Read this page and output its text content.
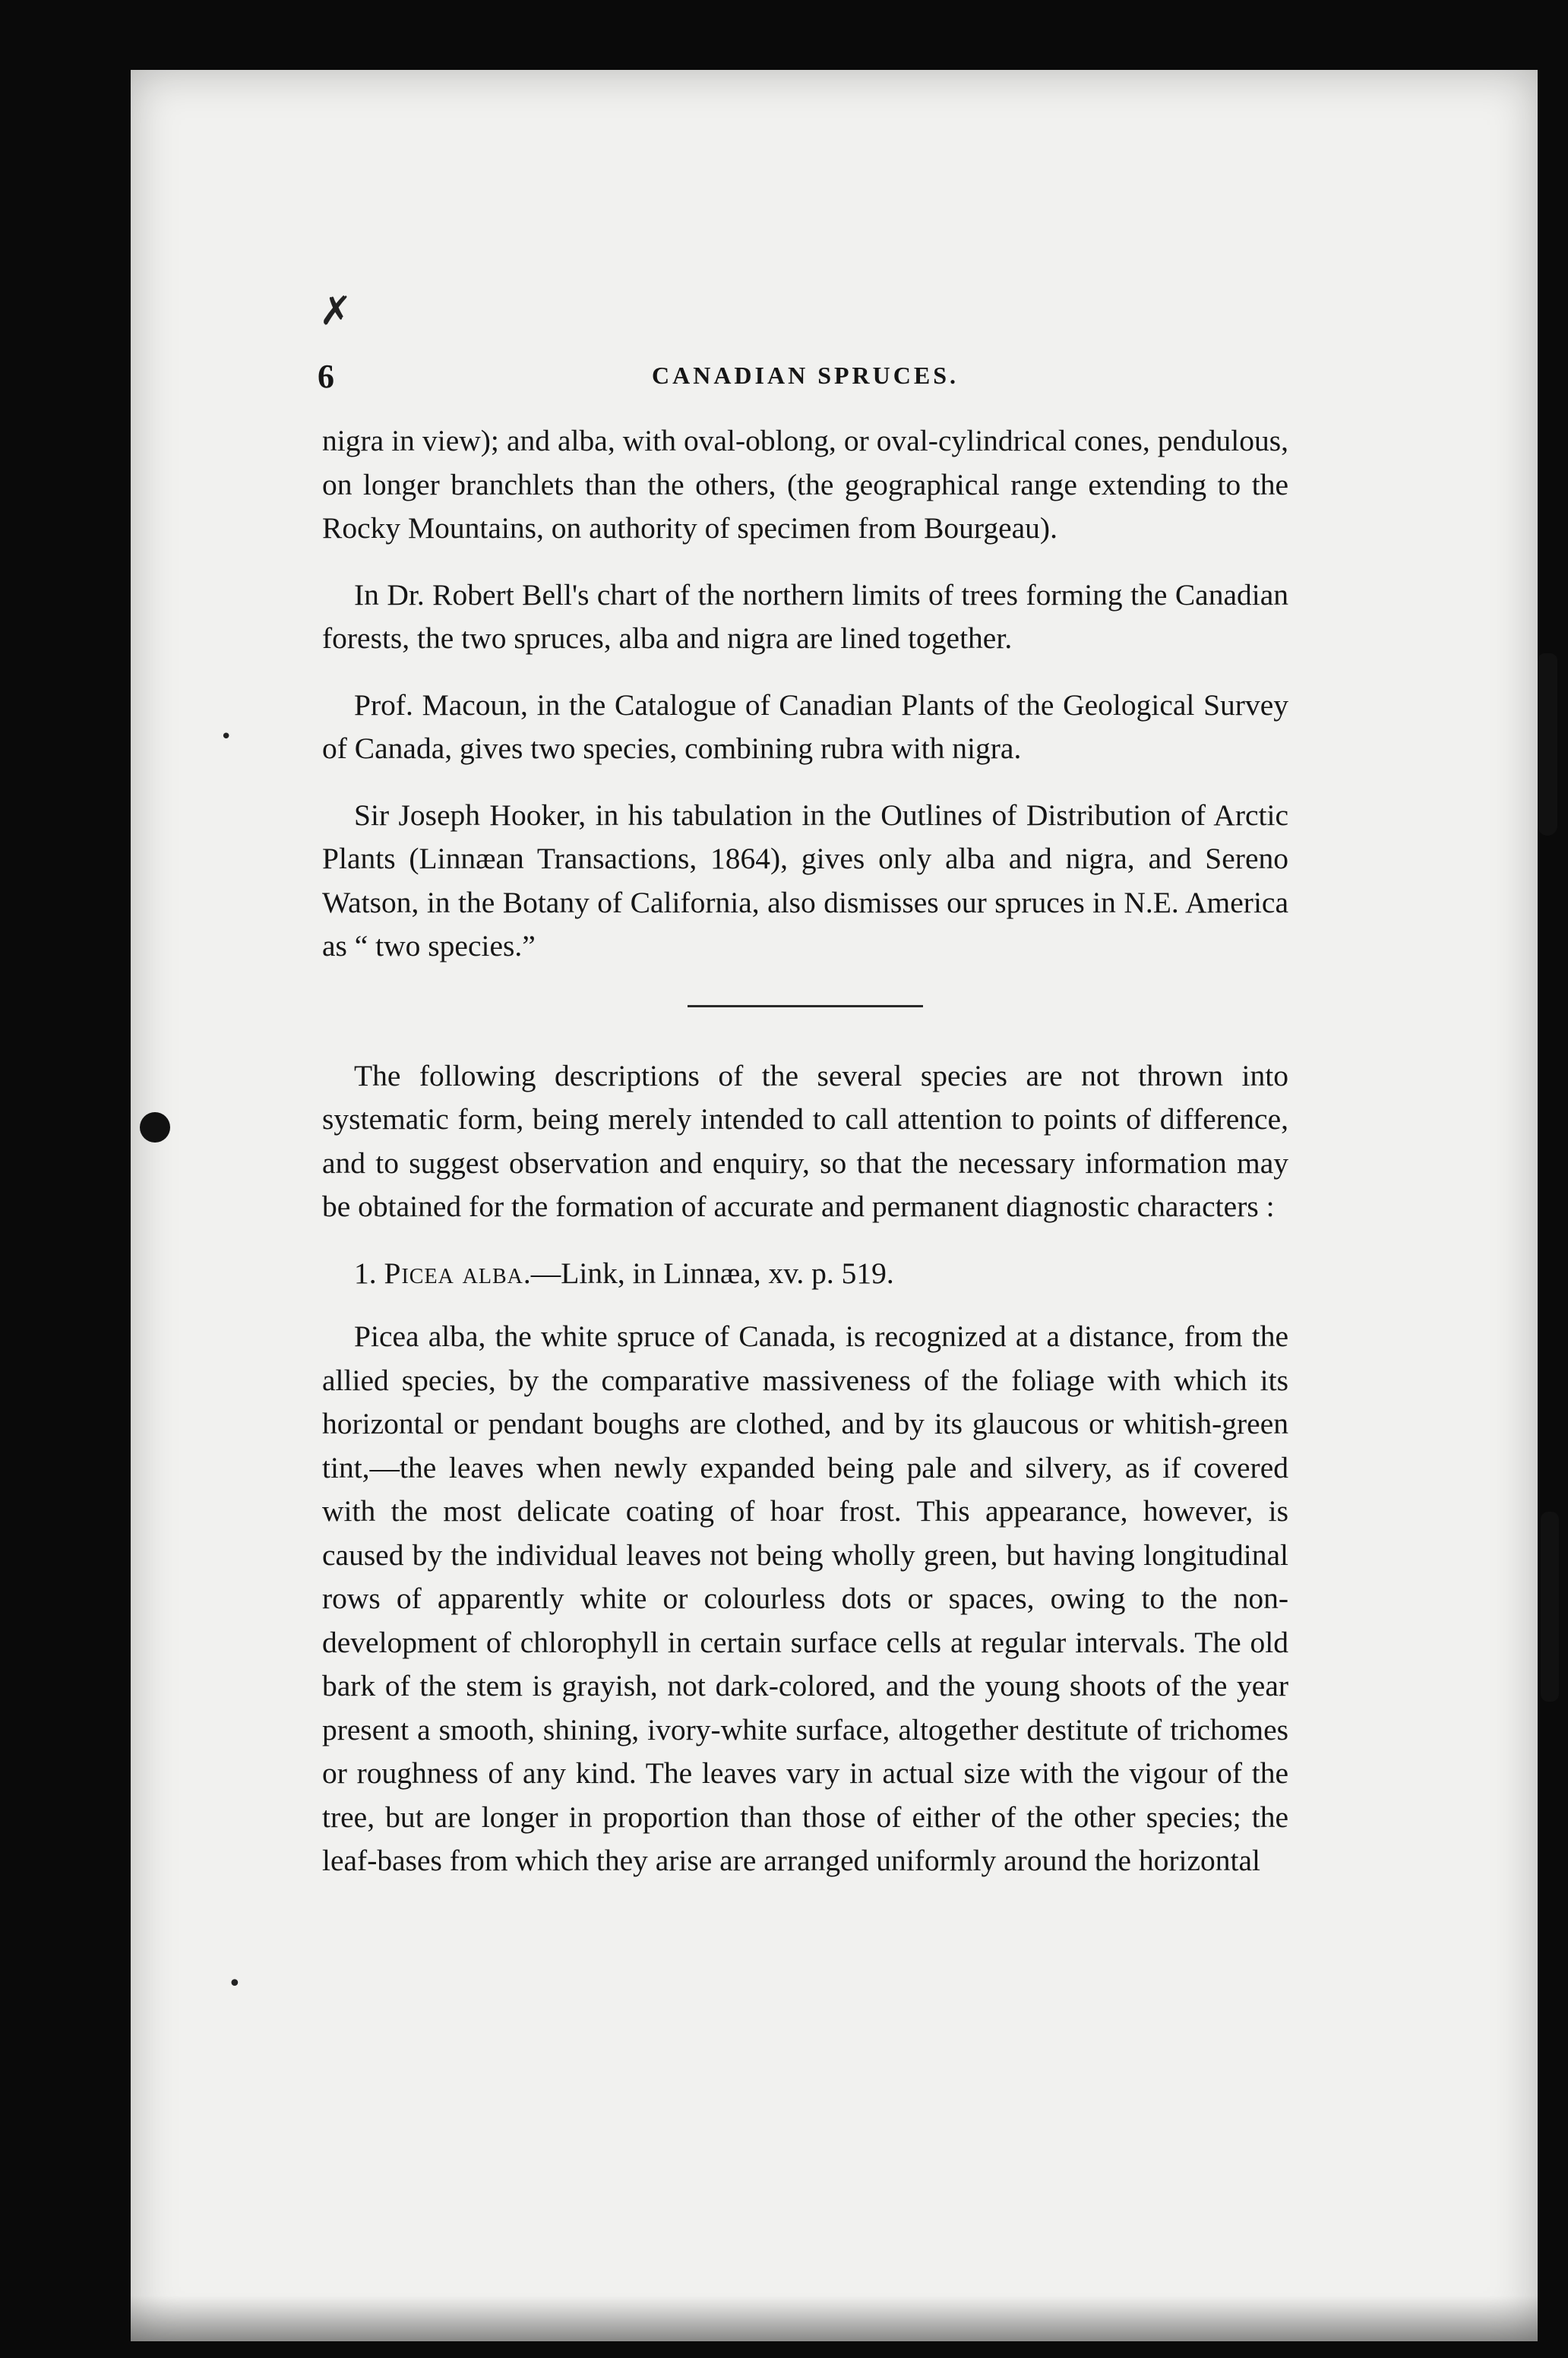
✗
•
•
6	CANADIAN SPRUCES.

nigra in view); and alba, with oval-oblong, or oval-cylindrical cones, pendulous, on longer branchlets than the others, (the geographical range extending to the Rocky Mountains, on authority of specimen from Bourgeau).

In Dr. Robert Bell's chart of the northern limits of trees forming the Canadian forests, the two spruces, alba and nigra are lined together.

Prof. Macoun, in the Catalogue of Canadian Plants of the Geological Survey of Canada, gives two species, combining rubra with nigra.

Sir Joseph Hooker, in his tabulation in the Outlines of Distribution of Arctic Plants (Linnæan Transactions, 1864), gives only alba and nigra, and Sereno Watson, in the Botany of California, also dismisses our spruces in N.E. America as “ two species.”

The following descriptions of the several species are not thrown into systematic form, being merely intended to call attention to points of difference, and to suggest observation and enquiry, so that the necessary information may be obtained for the formation of accurate and permanent diagnostic characters :

1. Picea alba.—Link, in Linnæa, xv. p. 519.

Picea alba, the white spruce of Canada, is recognized at a distance, from the allied species, by the comparative massiveness of the foliage with which its horizontal or pendant boughs are clothed, and by its glaucous or whitish-green tint,—the leaves when newly expanded being pale and silvery, as if covered with the most delicate coating of hoar frost. This appearance, however, is caused by the individual leaves not being wholly green, but having longitudinal rows of apparently white or colourless dots or spaces, owing to the non-development of chlorophyll in certain surface cells at regular intervals. The old bark of the stem is grayish, not dark-colored, and the young shoots of the year present a smooth, shining, ivory-white surface, altogether destitute of trichomes or roughness of any kind. The leaves vary in actual size with the vigour of the tree, but are longer in proportion than those of either of the other species; the leaf-bases from which they arise are arranged uniformly around the horizontal
